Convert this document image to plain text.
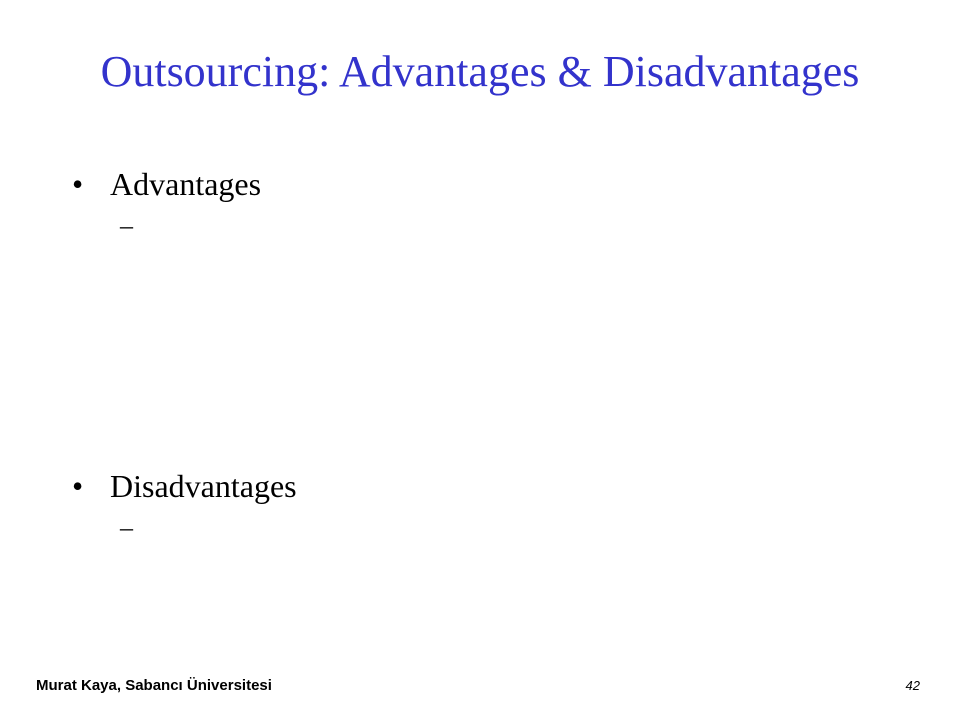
Outsourcing: Advantages & Disadvantages
• Advantages
–
• Disadvantages
–
Murat Kaya, Sabancı Üniversitesi	42
